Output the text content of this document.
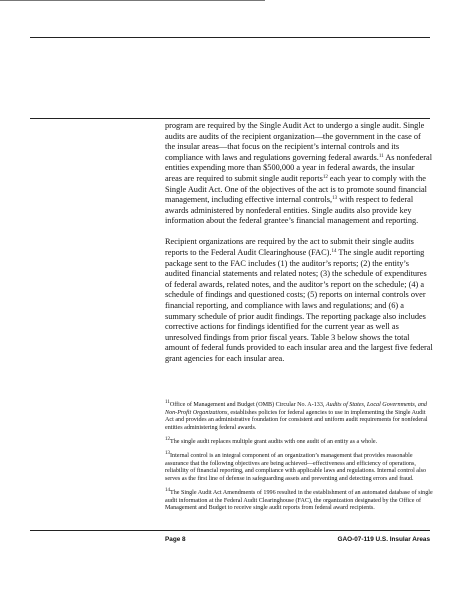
program are required by the Single Audit Act to undergo a single audit. Single audits are audits of the recipient organization—the government in the case of the insular areas—that focus on the recipient’s internal controls and its compliance with laws and regulations governing federal awards.$^{11}$ As nonfederal entities expending more than $500,000 a year in federal awards, the insular areas are required to submit single audit reports$^{12}$ each year to comply with the Single Audit Act. One of the objectives of the act is to promote sound financial management, including effective internal controls,$^{13}$ with respect to federal awards administered by nonfederal entities. Single audits also provide key information about the federal grantee’s financial management and reporting.

Recipient organizations are required by the act to submit their single audits reports to the Federal Audit Clearinghouse (FAC).$^{14}$ The single audit reporting package sent to the FAC includes (1) the auditor’s reports; (2) the entity’s audited financial statements and related notes; (3) the schedule of expenditures of federal awards, related notes, and the auditor’s report on the schedule; (4) a schedule of findings and questioned costs; (5) reports on internal controls over financial reporting, and compliance with laws and regulations; and (6) a summary schedule of prior audit findings. The reporting package also includes corrective actions for findings identified for the current year as well as unresolved findings from prior fiscal years. Table 3 below shows the total amount of federal funds provided to each insular area and the largest five federal grant agencies for each insular area.

$^{11}$Office of Management and Budget (OMB) Circular No. A-133, Audits of States, Local Governments, and Non-Profit Organizations, establishes policies for federal agencies to use in implementing the Single Audit Act and provides an administrative foundation for consistent and uniform audit requirements for nonfederal entities administering federal awards.

$^{12}$The single audit replaces multiple grant audits with one audit of an entity as a whole.

$^{13}$Internal control is an integral component of an organization’s management that provides reasonable assurance that the following objectives are being achieved—effectiveness and efficiency of operations, reliability of financial reporting, and compliance with applicable laws and regulations. Internal control also serves as the first line of defense in safeguarding assets and preventing and detecting errors and fraud.

$^{14}$The Single Audit Act Amendments of 1996 resulted in the establishment of an automated database of single audit information at the Federal Audit Clearinghouse (FAC), the organization designated by the Office of Management and Budget to receive single audit reports from federal award recipients.

Page 8	GAO-07-119 U.S. Insular Areas
